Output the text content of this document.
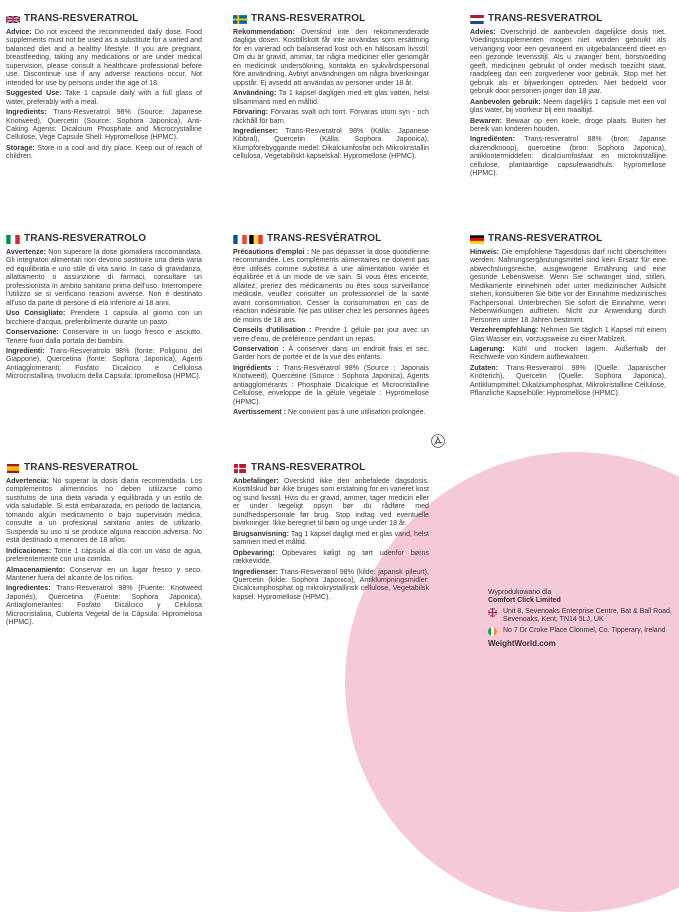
TRANS-RESVERATROL

Advice: Do not exceed the recommended daily dose. Food supplements must not be used as a substitute for a varied and balanced diet and a healthy lifestyle. If you are pregnant, breastfeeding, taking any medications or are under medical supervision, please consult a healthcare professional before use. Discontinue use if any adverse reactions occur. Not intended for use by persons under the age of 18.

Suggested Use: Take 1 capsule daily with a full glass of water, preferably with a meal.

Ingredients: Trans-Resveratrol 98% (Source: Japanese Knotweed), Quercetin (Source: Sophora Japonica), Anti-Caking Agents: Dicalcium Phosphate and Microcrystalline Cellulose, Vege Capsule Shell: Hypromellose (HPMC).

Storage: Store in a cool and dry place. Keep out of reach of children.

TRANS-RESVERATROL

Rekommendation: Överskrid inte den rekommenderade dagliga dosen. Kosttillskott får inte användas som ersättning för en varierad och balanserad kost och en hälsosam livsstil. Om du är gravid, ammar, tar några mediciner eller genomgår en medicinsk undersökning, kontakta en sjukvårdspersonal före användning. Avbryt användningen om några biverkningar uppstår. Ej avsedd att användas av personer under 18 år.

Användning: Ta 1 kapsel dagligen med ett glas vatten, helst tillsammans med en måltid.

Förvaring: Förvaras svalt och torrt. Förvaras utom syn - och räckhåll för barn.

Ingredienser: Trans-Resveratrol 98% (Källa: Japanese Kibbral), Quercetin (Källa: Sophora Japonica), Klumpförebyggande medel: Dikalciumfosfat och Mikrokristallin cellulosa, Vegetabiliskt kapselskal: Hypromellose (HPMC).

TRANS-RESVERATROL

Advies: Overschrijd de aanbevolen dagelijkse dosis niet. Voedingssupplementen mogen niet worden gebruikt als vervanging voor een gevarieerd en uitgebalanceerd dieet en een gezonde levensstijl. Als u zwanger bent, borstvoeding geeft, medicijnen gebruikt of onder medisch toezicht staat, raadpleeg dan een zorgverlener voor gebruik. Stop met het gebruik als er bijwerkingen optreden. Niet bedoeld voor gebruik door personen jonger dan 18 jaar.

Aanbevolen gebruik: Neem dagelijks 1 capsule met een vol glas water, bij voorkeur bij een maaltijd.

Bewaren: Bewaar op een koele, droge plaats. Buiten het bereik van kinderen houden.

Ingrediënten: Trans-resveratrol 98% (bron: Japanse duizendknoop), quercetine (bron: Sophora Japonica), antiklontermiddelen: dicalciumfosfaat en microkristallijne cellulose, plantaardige capsulewandhuls: hypromellose (HPMC).

TRANS-RESVERATROLO

Avvertenze: Non superare la dose giornaliera raccomandata. Gli integratori alimentari non devono sostituire una dieta varia ed equilibrata e uno stile di vita sano. In caso di gravidanza, allattamento o assunzione di farmaci, consultare un professionista in ambito sanitario prima dell'uso. Interrompere l'utilizzo se si verificano reazioni avverse. Non è destinato all'uso da parte di persone di età inferiore ai 18 anni.

Uso Consigliato: Prendere 1 capsula al giorno con un bicchiere d'acqua, preferibilmente durante un pasto.

Conservazione: Conservare in un luogo fresco e asciutto. Tenere fuori dalla portata dei bambini.

Ingredienti: Trans-Resveratrolo 98% (fonte: Poligono del Giappone), Quercetina (fonte: Sophora Japonica), Agenti Antiagglomeranti: Fosfato Dicalcico e Cellulosa Microcristallina, Involucro della Capsula: Ipromellosa (HPMC).

TRANS-RESVÉRATROL

Précautions d'emploi : Ne pas dépasser la dose quotidienne recommandée. Les compléments alimentaires ne doivent pas être utilisés comme substitut à une alimentation variée et équilibrée et à un mode de vie sain. Si vous êtes enceinte, allaitez, prenez des médicaments ou êtes sous surveillance médicale, veuillez consulter un professionnel de la santé avant consommation. Cesser la consommation en cas de réaction indésirable. Ne pas utiliser chez les personnes âgées de moins de 18 ans.

Conseils d'utilisation : Prendre 1 gélule par jour avec un verre d'eau, de préférence pendant un repas.

Conservation : À conserver dans un endroit frais et sec. Garder hors de portée et de la vue des enfants.

Ingrédients : Trans-Resvératrol 98% (Source : Japonais Knotweed), Quercétine (Source : Sophora Japonica), Agents antiagglomérants : Phosphate Dicalcique et Microcristalline Cellulose, enveloppe de la gélule végétale : Hypromellose (HPMC).

Avertissement : Ne convient pas à une utilisation prolongée.

TRANS-RESVERATROL

Hinweis: Die empfohlene Tagesdosis darf nicht überschritten werden. Nahrungsergänzungsmittel sind kein Ersatz für eine abwechslungsreiche, ausgewogene Ernährung und eine gesunde Lebensweise. Wenn Sie schwanger sind, stillen, Medikamente einnehmen oder unter medizinischer Aufsicht stehen, konsultieren Sie bitte vor der Einnahme medizinisches Fachpersonal. Unterbrechen Sie sofort die Einnahme, wenn Nebenwirkungen auftreten. Nicht zur Anwendung durch Personen unter 18 Jahren bestimmt.

Verzehrempfehlung: Nehmen Sie täglich 1 Kapsel mit einem Glas Wasser ein, vorzugsweise zu einer Mahlzeit.

Lagerung: Kühl und trocken lagern. Außerhalb der Reichweite von Kindern aufbewahren.

Zutaten: Trans-Resveratrol 98% (Quelle: Japanischer Knöterich), Quercetin (Quelle: Sophora Japonica), Antiklumpmittel: Dikalziumphosphat, Mikrokristalline Cellulose, Pflanzliche Kapselhülle: Hypromellose (HPMC).

TRANS-RESVERATROL

Advertencia: No superar la dosis diaria recomendada. Los complementos alimenticios no deben utilizarse como sustitutos de una dieta variada y equilibrada y un estilo de vida saludable. Si está embarazada, en periodo de lactancia, tomando algún medicamento o bajo supervisión médica, consulte a un profesional sanitario antes de utilizarlo. Suspenda su uso si se produce alguna reacción adversa. No está destinado a menores de 18 años.

Indicaciones: Tome 1 cápsula al día con un vaso de agua, preferentemente con una comida.

Almacenamiento: Conservar en un lugar fresco y seco. Mantener fuera del alcance de los niños.

Ingredientes: Trans-Resveratrol 98% (Fuente: Knotweed Japonés), Quercetina (Fuente: Sophora Japonica), Antiaglomerantes: Fosfato Dicálcico y Celulosa Microcristalina, Cubierta Vegetal de la Cápsula: Hipromelosa (HPMC).

TRANS-RESVERATROL

Anbefalinger: Overskrid ikke den anbefalede dagsdosis. Kosttilskud bør ikke bruges som erstatning for en varieret kost og sund livsstil. Hvis du er gravid, ammer, tager medicin eller er under lægeligt opsyn bør du rådføre med sundhedspersonale før brug. Stop indtag ved eventuelle bivirkninger. Ikke beregnet til børn og unge under 18 år.

Brugsanvisning: Tag 1 kapsel dagligt med et glas vand, helst sammen med et måltid.

Opbevaring: Opbevares køligt og tørt udenfor børns rækkevidde.

Ingredienser: Trans-Resveratrol 98% (kilde: japansk pileurt), Quercetin (kilde: Sophora Japonica), Antiklumpningsmidler: Dicalciumphosphat og mikrokrystallinsk cellulose, Vegetabilsk kapsel: Hypromellose (HPMC).

Wyprodukowano dla
Comfort Click Limited
Unit 8, Sevenoaks Enterprise Centre, Bat & Ball Road, Sevenoaks, Kent, TN14 5LJ, UK
No 7 Dr Croke Place Clonmel, Co. Tipperary, Ireland
WeightWorld.com
